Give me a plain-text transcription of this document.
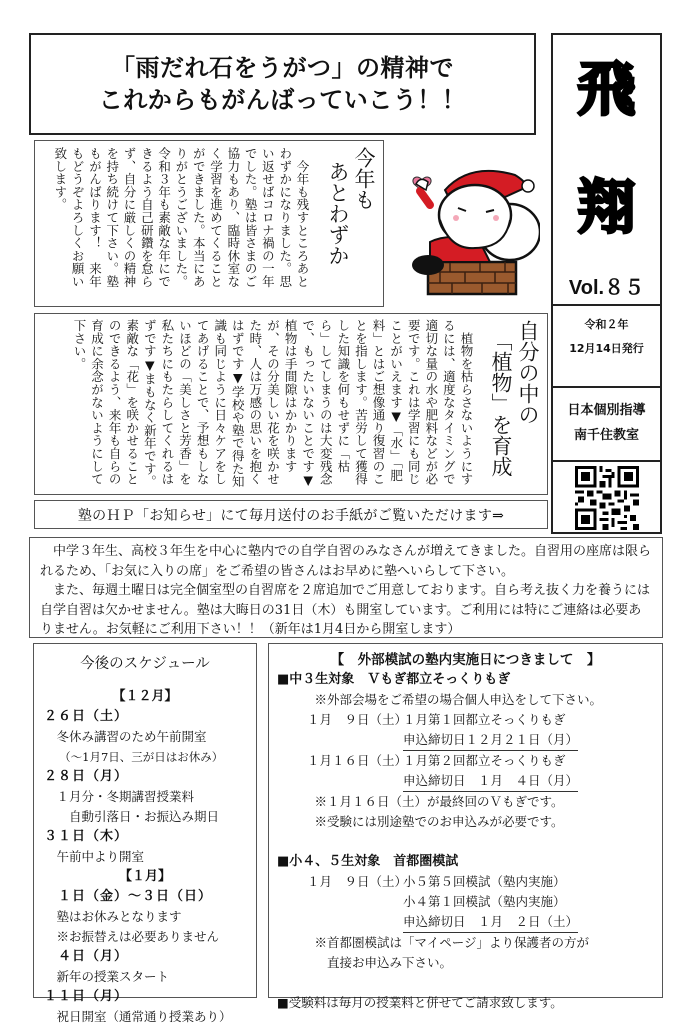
「雨だれ石をうがつ」の精神で
これからもがんばっていこう！！	飛
翔
Vol.８５
令和２年
12月14日発行
日本個別指導
南千住教室
今年も
あとわずか
　今年も残すところあとわずかになりました。思い返せばコロナ禍の一年でした。塾は皆さまのご協力もあり、臨時休室なく学習を進めてくることができました。本当にありがとうございました。　令和３年も素敵な年にできるよう自己研鑽を怠らず、自分に厳しくの精神を持ち続けて下さい。塾もがんばります！　来年もどうぞよろしくお願い致します。
自分の中の
「植物」を育成
　植物を枯らさないようにするには、適度なタイミングで適切な量の水や肥料などが必要です。これは学習にも同じことがいえます▼「水」「肥料」とはご想像通り復習のことを指します。苦労して獲得した知識を何もせずに「枯ら」してしまうのは大変残念で、もったいないことです▼植物は手間隙はかかりますが、その分美しい花を咲かせた時、人は万感の思いを抱くはずです▼学校や塾で得た知識も同じように日々ケアをしてあげることで、予想もしないほどの「美しさと芳香」を私たちにもたらしてくれるはずです▼まもなく新年です。素敵な「花」を咲かせることのできるよう、来年も自らの育成に余念がないようにして下さい。
塾のＨＰ「お知らせ」にて毎月送付のお手紙がご覧いただけます⇒

中学３年生、高校３年生を中心に塾内での自学自習のみなさんが増えてきました。自習用の座席は限られるため、「お気に入りの席」をご希望の皆さんはお早めに塾へいらして下さい。

また、毎週土曜日は完全個室型の自習席を２席追加でご用意しております。自ら考え抜く力を養うには自学自習は欠かせません。塾は大晦日の31日（木）も開室しています。ご利用には特にご連絡は必要ありません。お気軽にご利用下さい！！（新年は1月4日から開室します）

今後のスケジュール
【１２月】
２６日（土）
　冬休み講習のため午前開室
　 （～1月7日、三が日はお休み）
２８日（月）
　１月分・冬期講習授業料
　　自動引落日・お振込み期日
３１日（木）
　午前中より開室
【１月】
　１日（金）～３日（日）
　塾はお休みとなります
　※お振替えは必要ありません
　４日（月）
　新年の授業スタート
１１日（月）
　祝日開室（通常通り授業あり）
【　外部模試の塾内実施日につきまして　】
■中３生対象　Ｖもぎ都立そっくりもぎ
　　　※外部会場をご希望の場合個人申込をして下さい。
１月　９日（土）
１月第１回都立そっくりもぎ
申込締切日１２月２１日（月）
１月１６日（土）
１月第２回都立そっくりもぎ
申込締切日　１月　４日（月）
　　　※１月１６日（土）が最終回のＶもぎです。
　　　※受験には別途塾でのお申込みが必要です。
■小４、５生対象　首都圏模試
１月　９日（土）
小５第５回模試（塾内実施）
小４第１回模試（塾内実施）
申込締切日　１月　２日（土）
　　　※首都圏模試は「マイページ」より保護者の方が
　　　　直接お申込み下さい。
■受験料は毎月の授業料と併せてご請求致します。
